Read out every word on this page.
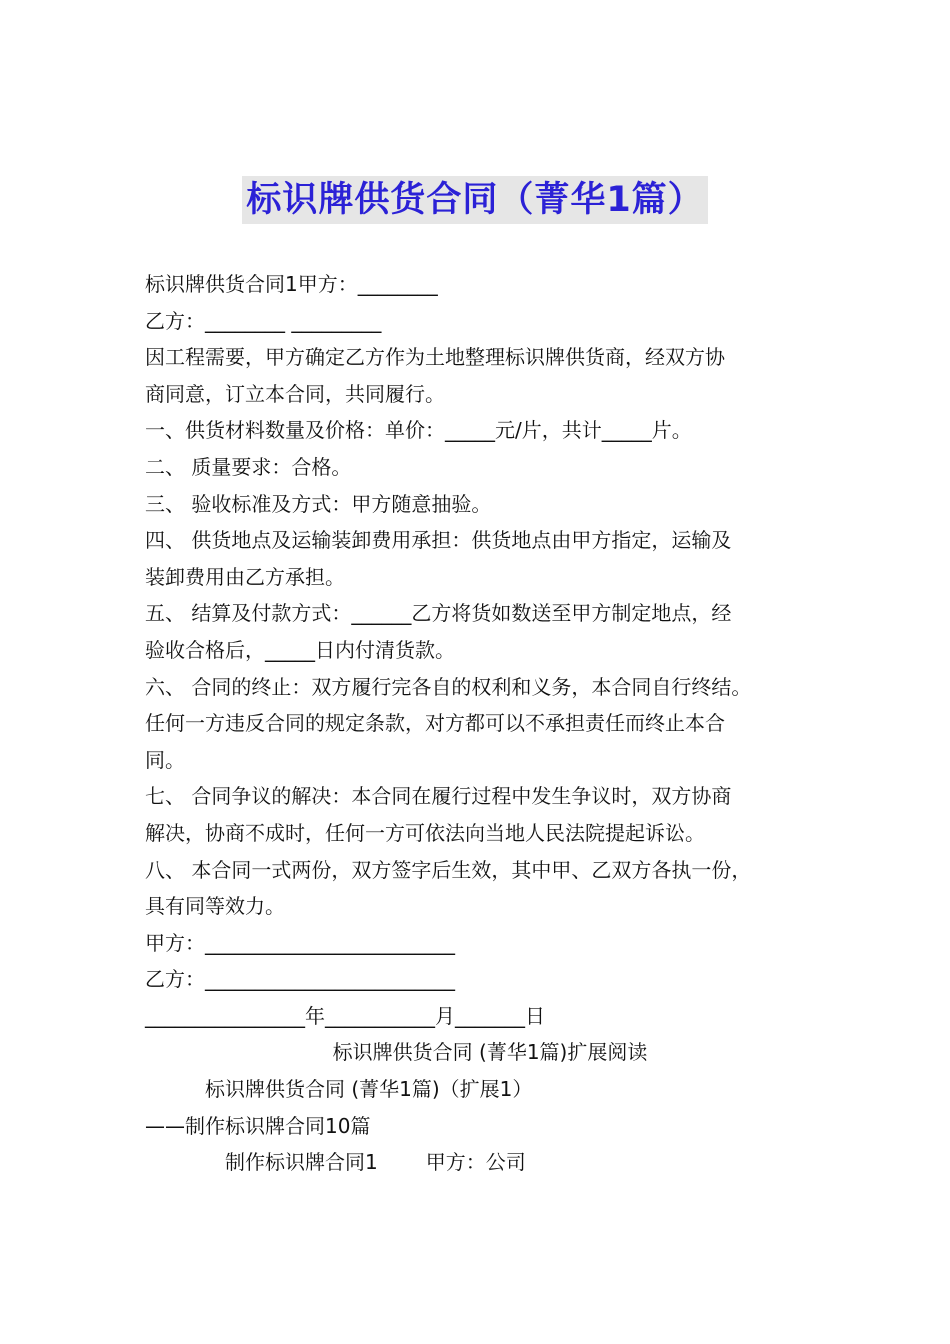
标识牌供货合同（菁华1篇）
标识牌供货合同1甲方：________
乙方：________ _________
因工程需要，甲方确定乙方作为土地整理标识牌供货商，经双方协
商同意，订立本合同，共同履行。
一、供货材料数量及价格：单价：_____元/片，共计_____片。
二、 质量要求：合格。
三、 验收标准及方式：甲方随意抽验。
四、 供货地点及运输装卸费用承担：供货地点由甲方指定，运输及
装卸费用由乙方承担。
五、 结算及付款方式：______乙方将货如数送至甲方制定地点，经
验收合格后，_____日内付清货款。
六、 合同的终止：双方履行完各自的权利和义务，本合同自行终结。
任何一方违反合同的规定条款，对方都可以不承担责任而终止本合
同。
七、 合同争议的解决：本合同在履行过程中发生争议时，双方协商
解决，协商不成时，任何一方可依法向当地人民法院提起诉讼。
八、 本合同一式两份，双方签字后生效，其中甲、乙双方各执一份，
具有同等效力。
甲方：_________________________
乙方：_________________________
________________年___________月_______日
标识牌供货合同 (菁华1篇)扩展阅读
标识牌供货合同 (菁华1篇)（扩展1）
——制作标识牌合同10篇
制作标识牌合同1 甲方：公司
